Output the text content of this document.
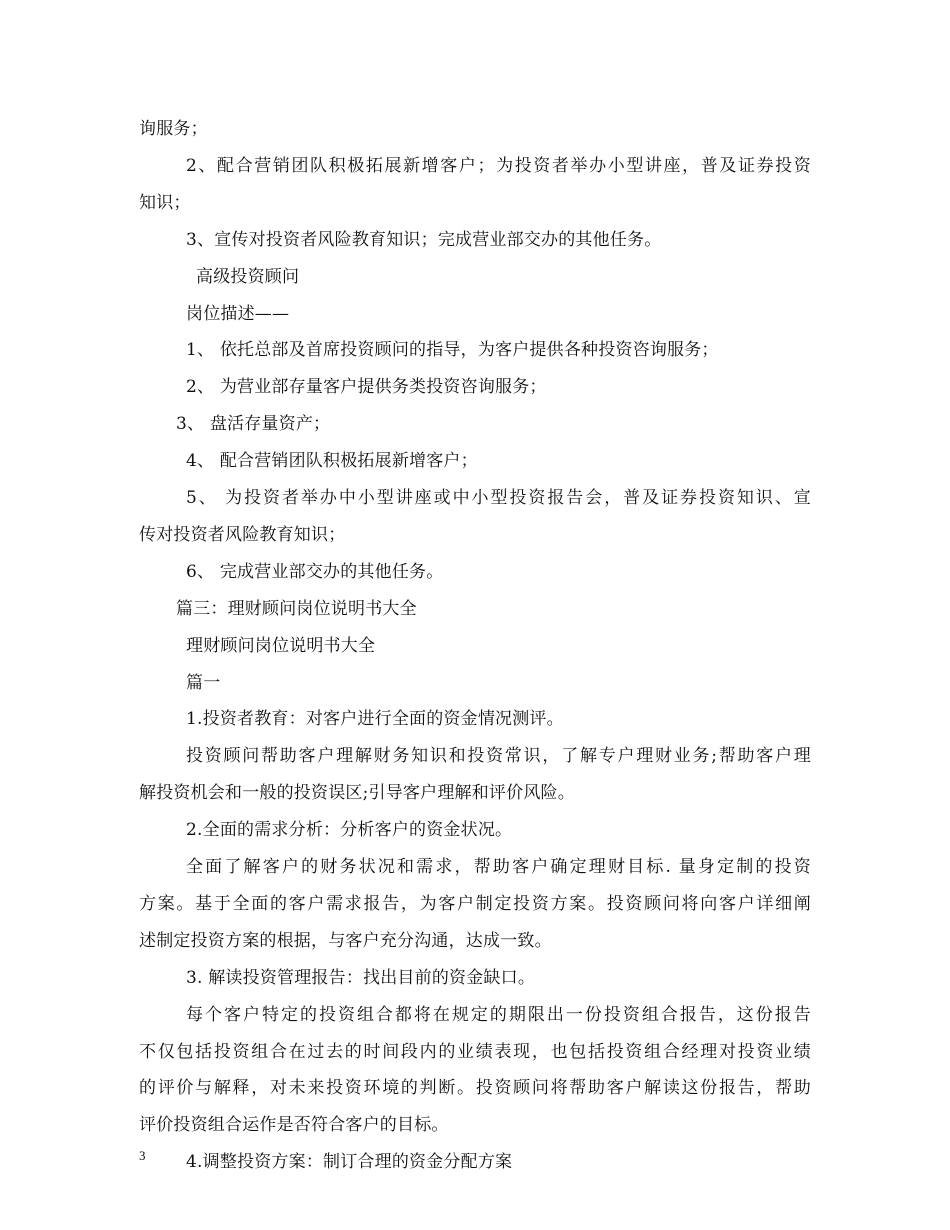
询服务；
2、配合营销团队积极拓展新增客户；为投资者举办小型讲座，普及证券投资
知识；
3、宣传对投资者风险教育知识；完成营业部交办的其他任务。
高级投资顾问
岗位描述——
1、 依托总部及首席投资顾问的指导，为客户提供各种投资咨询服务；
2、 为营业部存量客户提供务类投资咨询服务；
3、 盘活存量资产；
4、 配合营销团队积极拓展新增客户；
5、 为投资者举办中小型讲座或中小型投资报告会，普及证券投资知识、宣
传对投资者风险教育知识；
6、 完成营业部交办的其他任务。
篇三：理财顾问岗位说明书大全
理财顾问岗位说明书大全
篇一
1.投资者教育：对客户进行全面的资金情况测评。
投资顾问帮助客户理解财务知识和投资常识，了解专户理财业务;帮助客户理
解投资机会和一般的投资误区;引导客户理解和评价风险。
2.全面的需求分析：分析客户的资金状况。
全面了解客户的财务状况和需求，帮助客户确定理财目标. 量身定制的投资
方案。基于全面的客户需求报告，为客户制定投资方案。投资顾问将向客户详细阐
述制定投资方案的根据，与客户充分沟通，达成一致。
3. 解读投资管理报告：找出目前的资金缺口。
每个客户特定的投资组合都将在规定的期限出一份投资组合报告，这份报告
不仅包括投资组合在过去的时间段内的业绩表现，也包括投资组合经理对投资业绩
的评价与解释，对未来投资环境的判断。投资顾问将帮助客户解读这份报告，帮助
评价投资组合运作是否符合客户的目标。
4.调整投资方案：制订合理的资金分配方案
3
